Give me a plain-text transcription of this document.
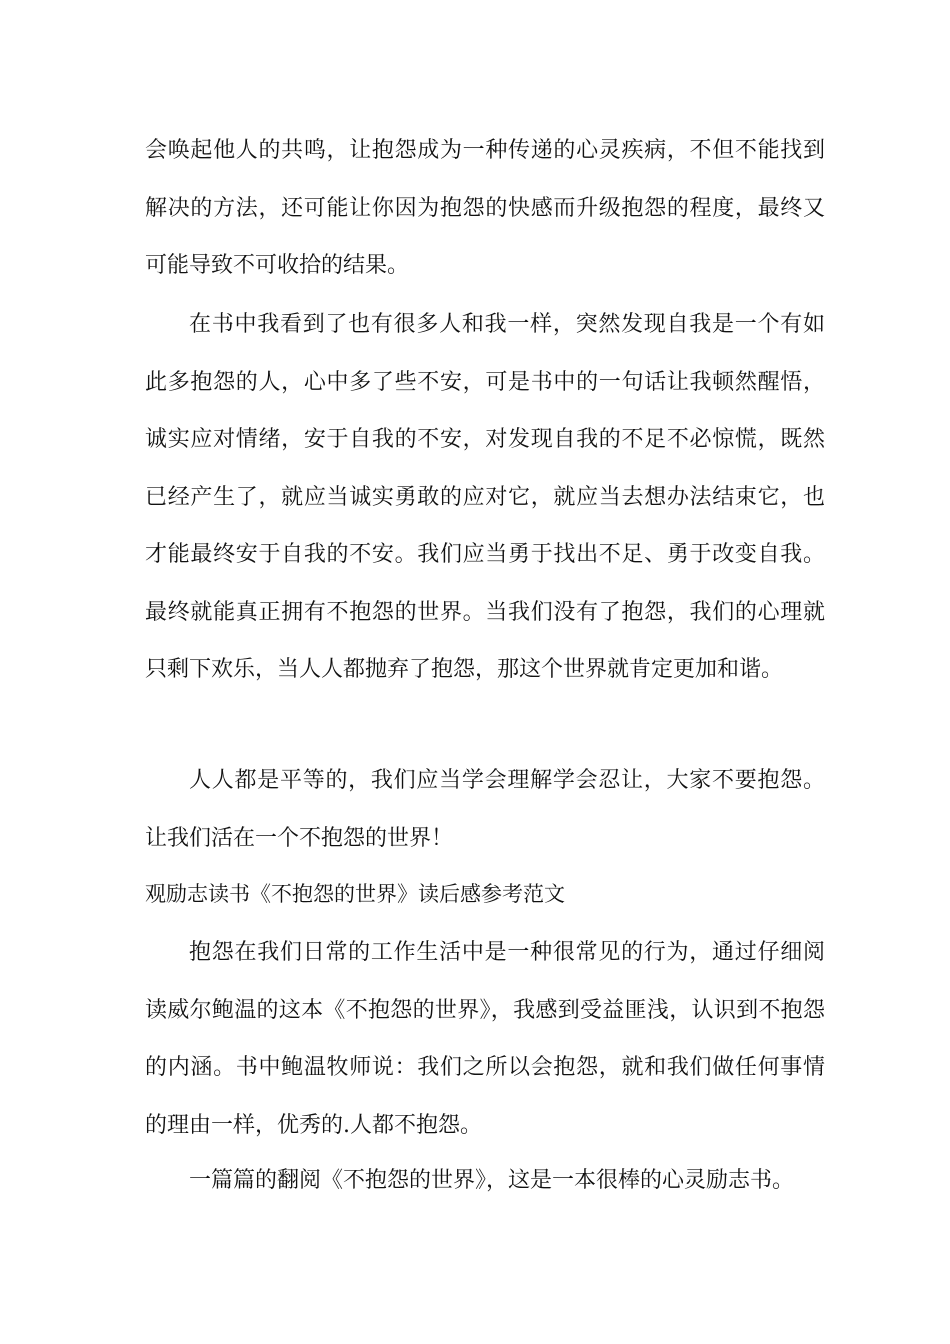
会唤起他人的共鸣，让抱怨成为一种传递的心灵疾病，不但不能找到解决的方法，还可能让你因为抱怨的快感而升级抱怨的程度，最终又可能导致不可收拾的结果。

在书中我看到了也有很多人和我一样，突然发现自我是一个有如此多抱怨的人，心中多了些不安，可是书中的一句话让我顿然醒悟，诚实应对情绪，安于自我的不安，对发现自我的不足不必惊慌，既然已经产生了，就应当诚实勇敢的应对它，就应当去想办法结束它，也才能最终安于自我的不安。我们应当勇于找出不足、勇于改变自我。最终就能真正拥有不抱怨的世界。当我们没有了抱怨，我们的心理就只剩下欢乐，当人人都抛弃了抱怨，那这个世界就肯定更加和谐。

人人都是平等的，我们应当学会理解学会忍让，大家不要抱怨。让我们活在一个不抱怨的世界！

观励志读书《不抱怨的世界》读后感参考范文

抱怨在我们日常的工作生活中是一种很常见的行为，通过仔细阅读威尔鲍温的这本《不抱怨的世界》，我感到受益匪浅，认识到不抱怨的内涵。书中鲍温牧师说：我们之所以会抱怨，就和我们做任何事情的理由一样，优秀的.人都不抱怨。

一篇篇的翻阅《不抱怨的世界》，这是一本很棒的心灵励志书。
